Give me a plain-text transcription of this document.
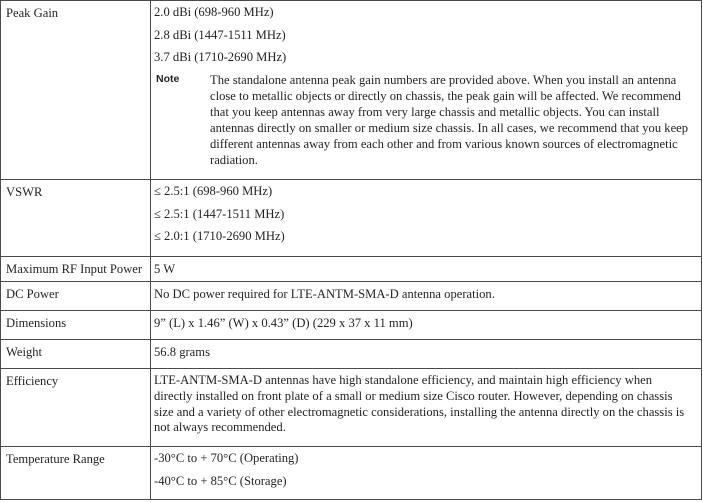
Peak Gain	2.0 dBi (698-960 MHz)
2.8 dBi (1447-1511 MHz)
3.7 dBi (1710-2690 MHz)
Note The standalone antenna peak gain numbers are provided above. When you install an antenna close to metallic objects or directly on chassis, the peak gain will be affected. We recommend that you keep antennas away from very large chassis and metallic objects. You can install antennas directly on smaller or medium size chassis. In all cases, we recommend that you keep different antennas away from each other and from various known sources of electromagnetic radiation.

VSWR	≤ 2.5:1 (698-960 MHz)
≤ 2.5:1 (1447-1511 MHz)
≤ 2.0:1 (1710-2690 MHz)

Maximum RF Input Power	5 W

DC Power	No DC power required for LTE-ANTM-SMA-D antenna operation.

Dimensions	9” (L) x 1.46” (W) x 0.43” (D) (229 x 37 x 11 mm)

Weight	56.8 grams

Efficiency	LTE-ANTM-SMA-D antennas have high standalone efficiency, and maintain high efficiency when directly installed on front plate of a small or medium size Cisco router. However, depending on chassis size and a variety of other electromagnetic considerations, installing the antenna directly on the chassis is not always recommended.

Temperature Range	-30°C to + 70°C (Operating)
-40°C to + 85°C (Storage)
